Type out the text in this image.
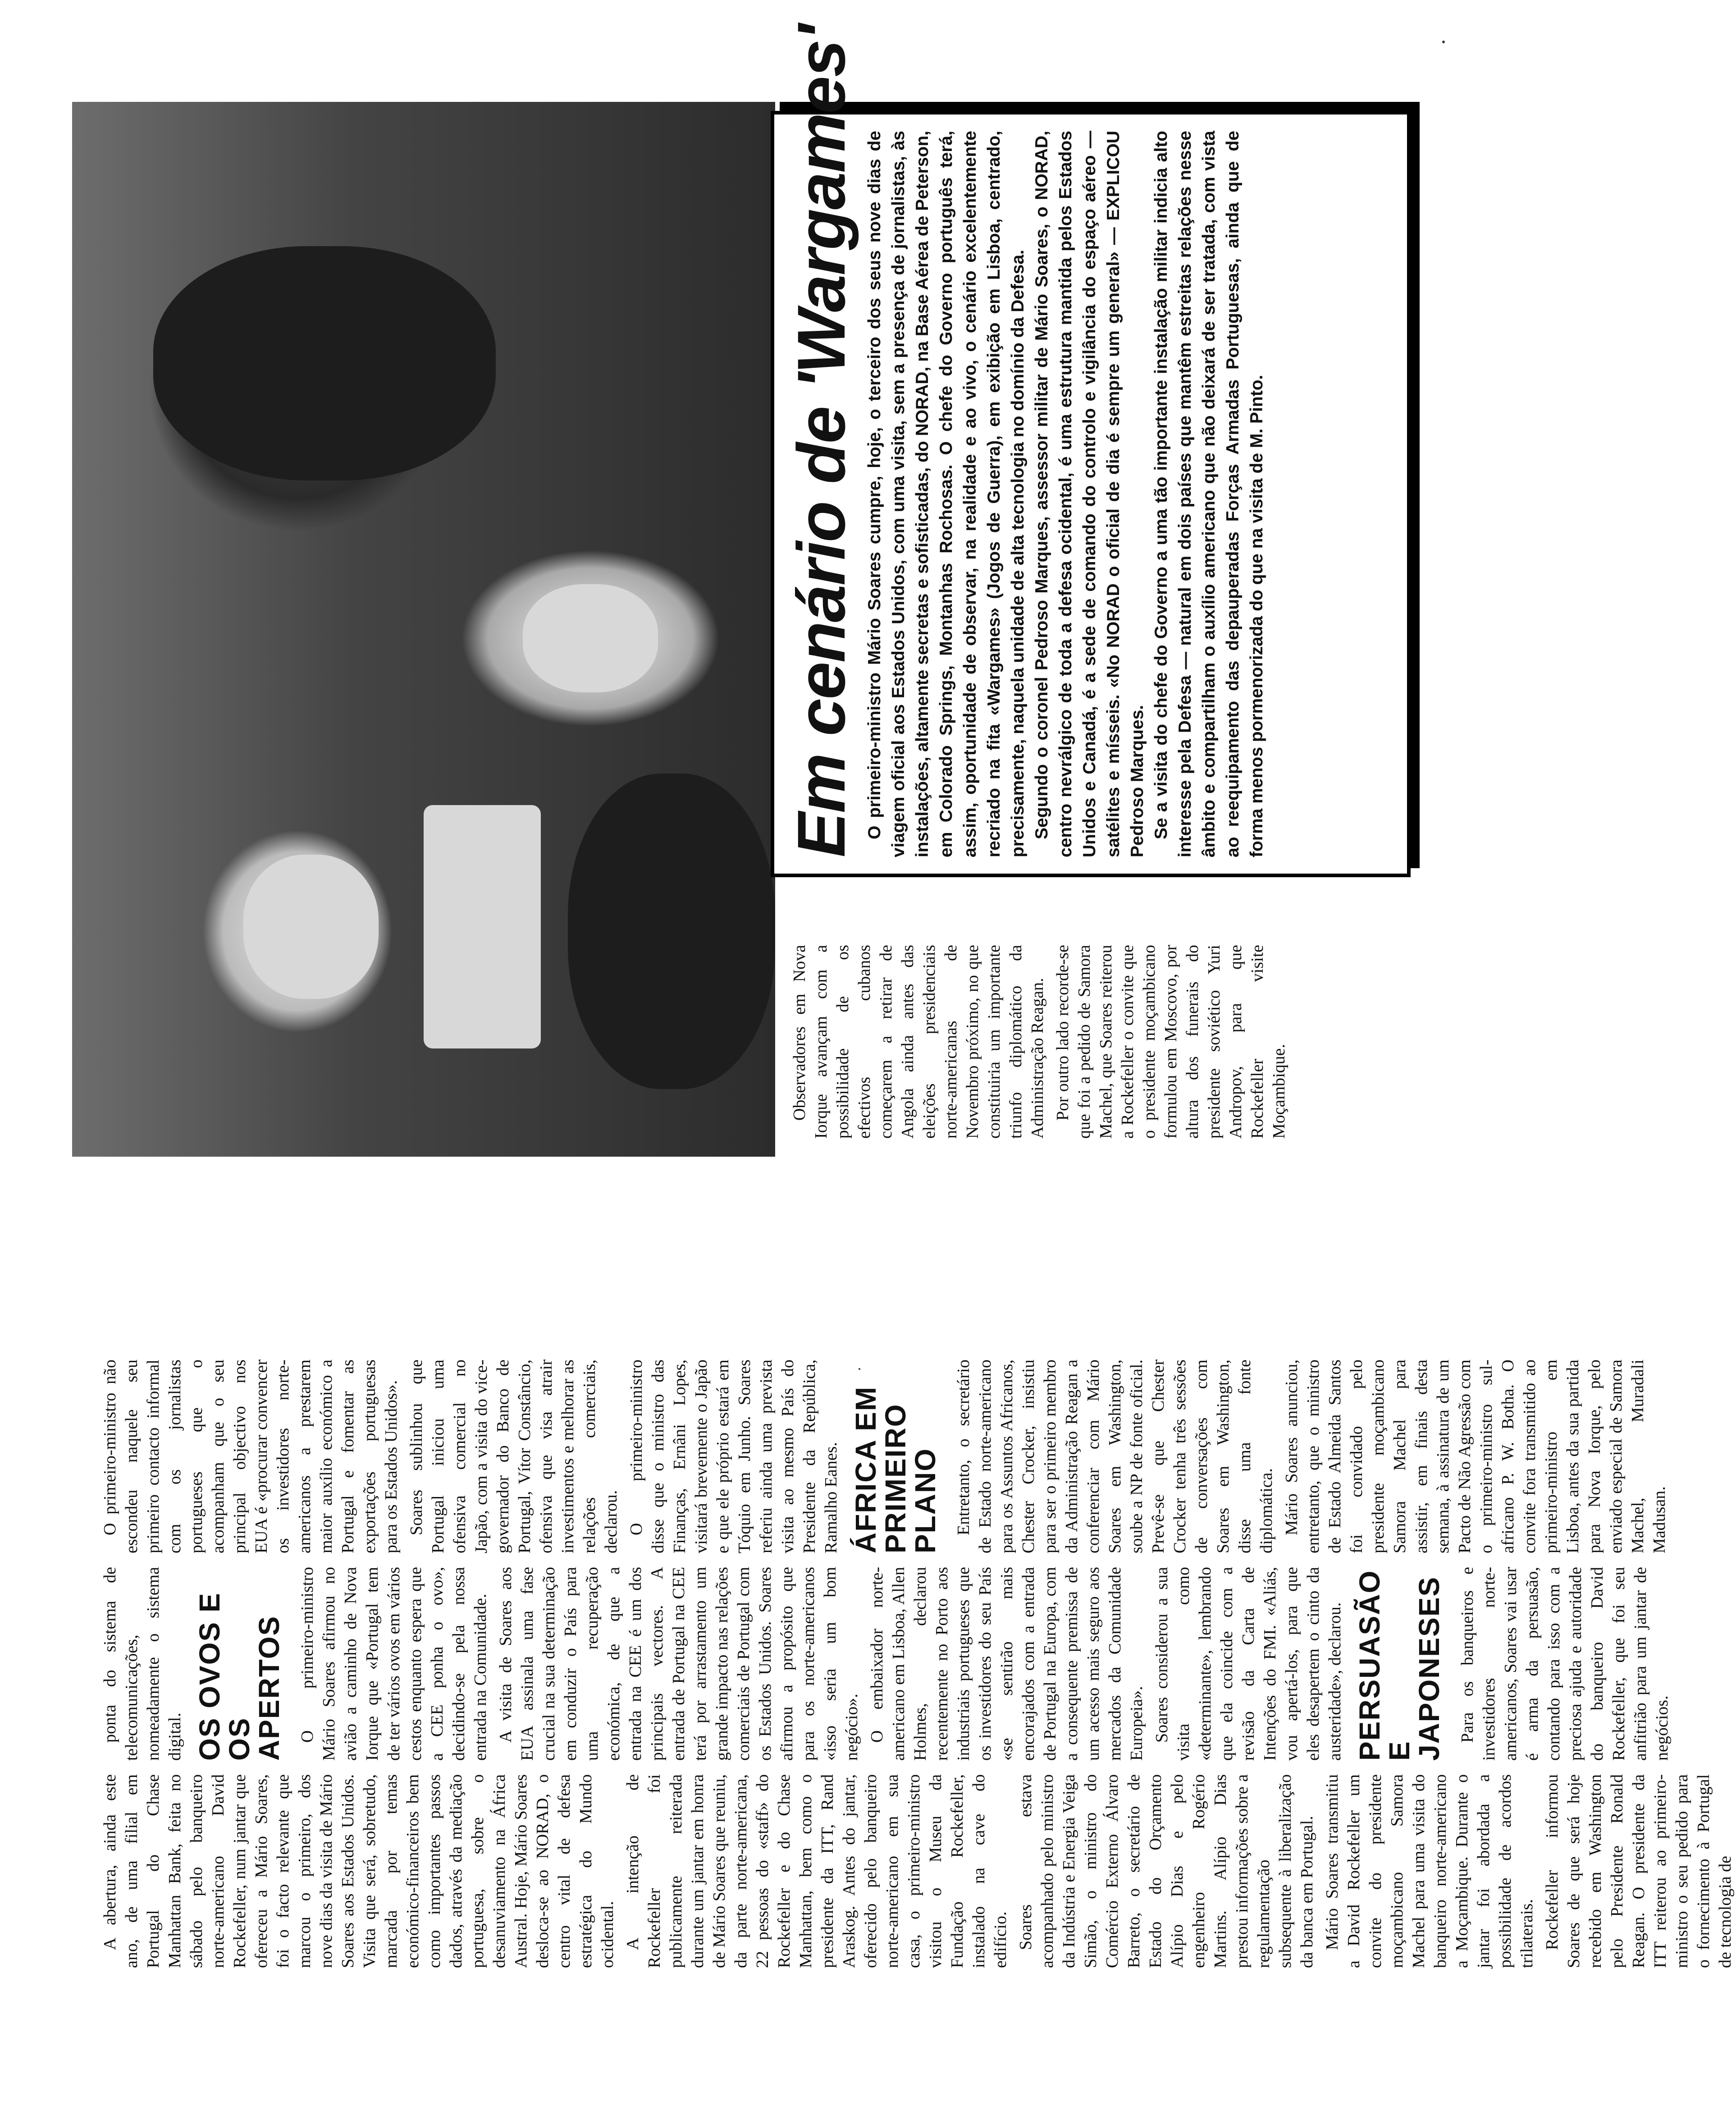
A abertura, ainda este ano, de uma filial em Portugal do Chase Manhattan Bank, feita no sábado pelo banqueiro norte-americano David Rockefeller, num jantar que ofereceu a Mário Soares, foi o facto relevante que marcou o primeiro, dos nove dias da visita de Mário Soares aos Estados Unidos. Visita que será, sobretudo, marcada por temas económico-financeiros bem como importantes passos dados, através da mediação portuguesa, sobre o desanuviamento na África Austral. Hoje, Mário Soares desloca-se ao NORAD, o centro vital de defesa estratégica do Mundo ocidental. A intenção de Rockefeller foi publicamente reiterada durante um jantar em honra de Mário Soares que reuniu, da parte norte-americana, 22 pessoas do «staff» do Rockefeller e do Chase Manhattan, bem como o presidente da ITT, Rand Araskog. Antes do jantar, oferecido pelo banqueiro norte-americano em sua casa, o primeiro-ministro visitou o Museu da Fundação Rockefeller, instalado na cave do edifício. Soares estava acompanhado pelo ministro da Indústria e Energia Veiga Simão, o ministro do Comércio Externo Álvaro Barreto, o secretário de Estado do Orçamento Alípio Dias e pelo engenheiro Rogério Martins. Alípio Dias prestou informações sobre a regulamentação subsequente à liberalização da banca em Portugal. Mário Soares transmitiu a David Rockefeller um convite do presidente moçambicano Samora Machel para uma visita do banqueiro norte-americano a Moçambique. Durante o jantar foi abordada a possibilidade de acordos trilaterais. Rockefeller informou Soares de que será hoje recebido em Washington pelo Presidente Ronald Reagan. O presidente da ITT reiterou ao primeiro-ministro o seu pedido para o fornecimento à Portugal de tecnologia de

ponta do sistema de telecomunicações, nomeadamente o sistema digital. OS OVOS E OS APERTOS O primeiro-ministro Mário Soares afirmou no avião a caminho de Nova Iorque que «Portugal tem de ter vários ovos em vários cestos enquanto espera que a CEE ponha o ovo», decidindo-se pela nossa entrada na Comunidade. A visita de Soares aos EUA assinala uma fase crucial na sua determinação em conduzir o País para uma recuperação económica, de que a entrada na CEE é um dos principais vectores. A entrada de Portugal na CEE terá por arrastamento um grande impacto nas relações comerciais de Portugal com os Estados Unidos. Soares afirmou a propósito que para os norte-americanos «isso seria um bom negócio». O embaixador norte-americano em Lisboa, Allen Holmes, declarou recentemente no Porto aos industriais portugueses que os investidores do seu País «se sentirão mais encorajados com a entrada de Portugal na Europa, com a consequente premissa de um acesso mais seguro aos mercados da Comunidade Europeia». Soares considerou a sua visita como «determinante», lembrando que ela coincide com a revisão da Carta de Intenções do FMI. «Aliás, vou apertá-los, para que eles desapertem o cinto da austeridade», declarou. PERSUASÃO E JAPONESES Para os banqueiros e investidores norte-americanos, Soares vai usar é arma da persuasão, contando para isso com a preciosa ajuda e autoridade do banqueiro David Rockefeller, que foi seu anfitrião para um jantar de negócios.

O primeiro-ministro não escondeu naquele seu primeiro contacto informal com os jornalistas portugueses que o acompanham que o seu principal objectivo nos EUA é «procurar convencer os investidores norte-americanos a prestarem maior auxílio económico a Portugal e fomentar as exportações portuguesas para os Estados Unidos». Soares sublinhou que Portugal iniciou uma ofensiva comercial no Japão, com a visita do vice-governador do Banco de Portugal, Vítor Constâncio, ofensiva que visa atrair investimentos e melhorar as relações comerciais, declarou. O primeiro-ministro disse que o ministro das Finanças, Ernâni Lopes, visitará brevemente o Japão e que ele próprio estará em Tóquio em Junho. Soares referiu ainda uma prevista visita ao mesmo País do Presidente da República, Ramalho Eanes. ÁFRICA EM PRIMEIRO PLANO Entretanto, o secretário de Estado norte-americano para os Assuntos Africanos, Chester Crocker, insistiu para ser o primeiro membro da Administração Reagan a conferenciar com Mário Soares em Washington, soube a NP de fonte oficial. Prevê-se que Chester Crocker tenha três sessões de conversações com Soares em Washington, disse uma fonte diplomática. Mário Soares anunciou, entretanto, que o ministro de Estado Almeida Santos foi convidado pelo presidente moçambicano Samora Machel para assistir, em finais desta semana, à assinatura de um Pacto de Não Agressão com o primeiro-ministro sul-africano P. W. Botha. O convite fora transmitido ao primeiro-ministro em Lisboa, antes da sua partida para Nova Iorque, pelo enviado especial de Samora Machel, Muradali Madusan.

Observadores em Nova Iorque avançam com a possibilidade de os efectivos cubanos começarem a retirar de Angola ainda antes das eleições presidenciais norte-americanas de Novembro próximo, no que constituiria um importante triunfo diplomático da Administração Reagan. Por outro lado recorde-se que foi a pedido de Samora Machel, que Soares reiterou a Rockefeller o convite que o presidente moçambicano formulou em Moscovo, por altura dos funerais do presidente soviético Yuri Andropov, para que Rockefeller visite Moçambique.

Em cenário de 'Wargames' O primeiro-ministro Mário Soares cumpre, hoje, o terceiro dos seus nove dias de viagem oficial aos Estados Unidos, com uma visita, sem a presença de jornalistas, às instalações, altamente secretas e sofisticadas, do NORAD, na Base Aérea de Peterson, em Colorado Springs, Montanhas Rochosas. O chefe do Governo português terá, assim, oportunidade de observar, na realidade e ao vivo, o cenário excelentemente recriado na fita «Wargames» (Jogos de Guerra), em exibição em Lisboa, centrado, precisamente, naquela unidade de alta tecnologia no domínio da Defesa. Segundo o coronel Pedroso Marques, assessor militar de Mário Soares, o NORAD, centro nevrálgico de toda a defesa ocidental, é uma estrutura mantida pelos Estados Unidos e Canadá, é a sede de comando do controlo e vigilância do espaço aéreo — satélites e mísseis. «No NORAD o oficial de dia é sempre um general» — EXPLICOU Pedroso Marques. Se a visita do chefe do Governo a uma tão importante instalação militar indicia alto interesse pela Defesa — natural em dois países que mantêm estreitas relações nesse âmbito e compartilham o auxílio americano que não deixará de ser tratada, com vista ao reequipamento das depauperadas Forças Armadas Portuguesas, ainda que de forma menos pormenorizada do que na visita de M. Pinto.
